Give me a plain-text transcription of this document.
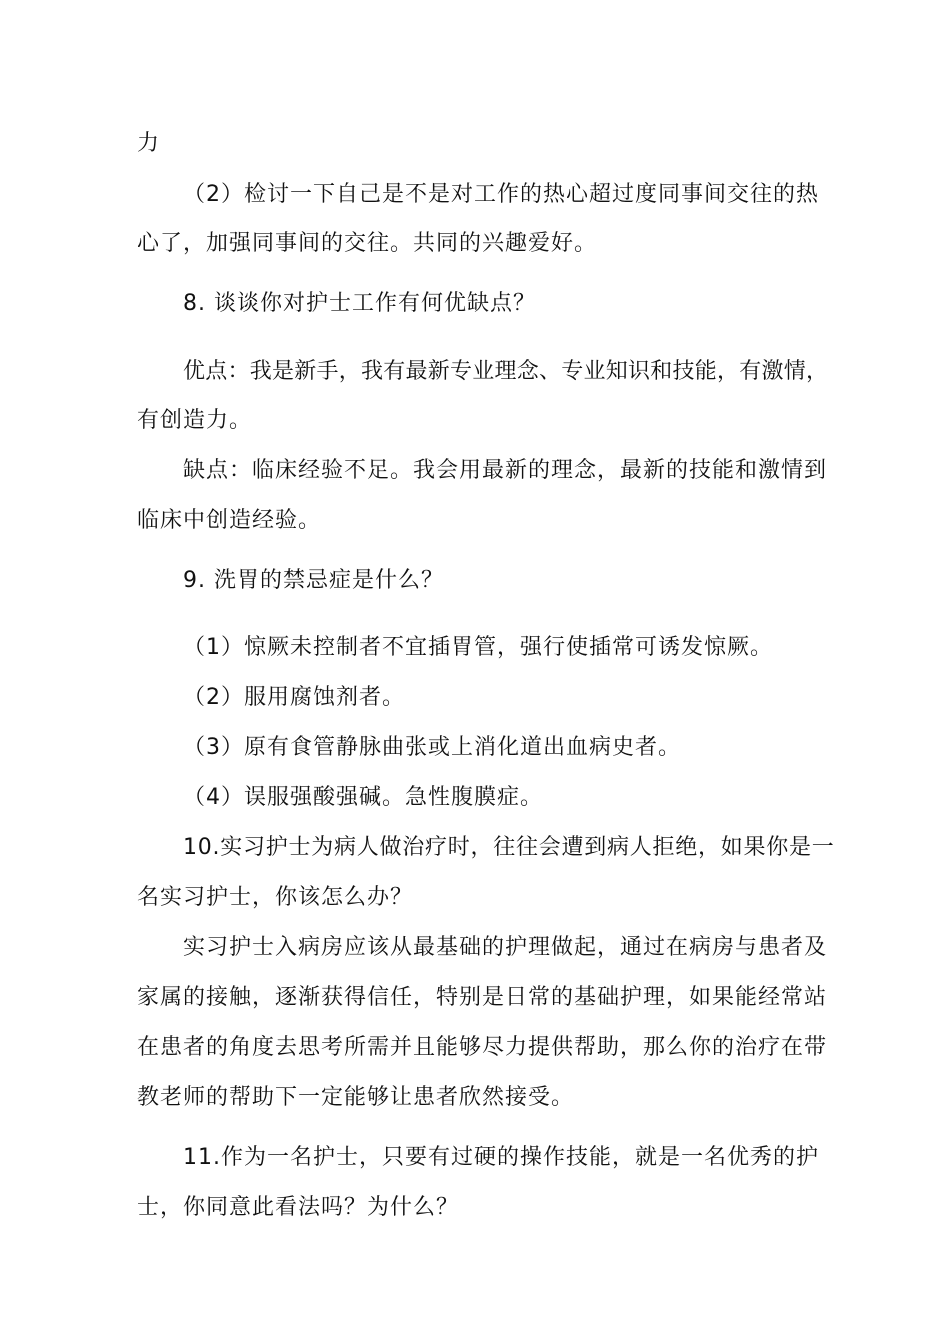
力
（2）检讨一下自己是不是对工作的热心超过度同事间交往的热
心了，加强同事间的交往。共同的兴趣爱好。
8. 谈谈你对护士工作有何优缺点？
优点：我是新手，我有最新专业理念、专业知识和技能，有激情，
有创造力。
缺点：临床经验不足。我会用最新的理念，最新的技能和激情到
临床中创造经验。
9. 洗胃的禁忌症是什么？
（1）惊厥未控制者不宜插胃管，强行使插常可诱发惊厥。
（2）服用腐蚀剂者。
（3）原有食管静脉曲张或上消化道出血病史者。
（4）误服强酸强碱。急性腹膜症。
10.实习护士为病人做治疗时，往往会遭到病人拒绝，如果你是一
名实习护士，你该怎么办？
实习护士入病房应该从最基础的护理做起，通过在病房与患者及
家属的接触，逐渐获得信任，特别是日常的基础护理，如果能经常站
在患者的角度去思考所需并且能够尽力提供帮助，那么你的治疗在带
教老师的帮助下一定能够让患者欣然接受。
11.作为一名护士，只要有过硬的操作技能，就是一名优秀的护
士，你同意此看法吗？为什么？
